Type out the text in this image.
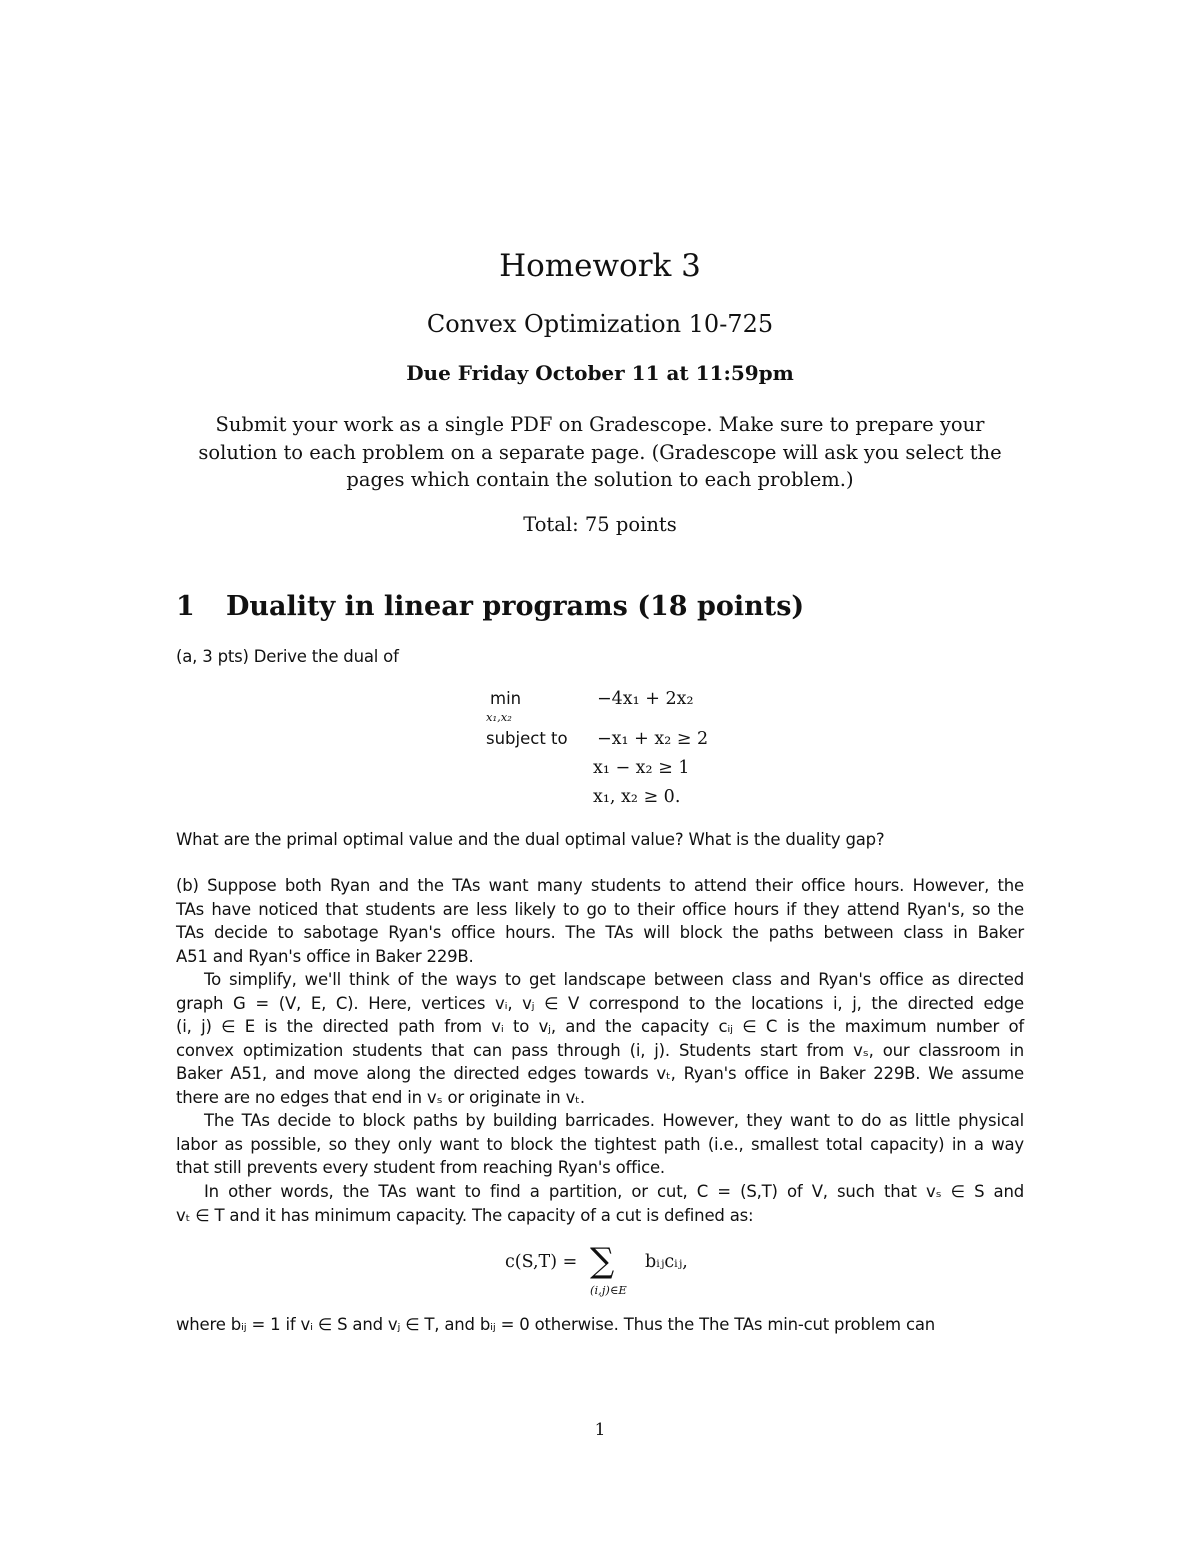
Homework 3
Convex Optimization 10-725
Due Friday October 11 at 11:59pm
Submit your work as a single PDF on Gradescope. Make sure to prepare your
solution to each problem on a separate page. (Gradescope will ask you select the
pages which contain the solution to each problem.)
Total: 75 points
1 Duality in linear programs (18 points)
(a, 3 pts) Derive the dual of
min
x₁,x₂
−4x₁ + 2x₂
subject to −x₁ + x₂ ≥ 2
x₁ − x₂ ≥ 1
x₁, x₂ ≥ 0.
What are the primal optimal value and the dual optimal value? What is the duality gap?
(b) Suppose both Ryan and the TAs want many students to attend their office hours. However, the
TAs have noticed that students are less likely to go to their office hours if they attend Ryan's, so the
TAs decide to sabotage Ryan's office hours. The TAs will block the paths between class in Baker
A51 and Ryan's office in Baker 229B.
To simplify, we'll think of the ways to get landscape between class and Ryan's office as directed
graph G = (V, E, C). Here, vertices vᵢ, vⱼ ∈ V correspond to the locations i, j, the directed edge
(i, j) ∈ E is the directed path from vᵢ to vⱼ, and the capacity cᵢⱼ ∈ C is the maximum number of
convex optimization students that can pass through (i, j). Students start from vₛ, our classroom in
Baker A51, and move along the directed edges towards vₜ, Ryan's office in Baker 229B. We assume
there are no edges that end in vₛ or originate in vₜ.
The TAs decide to block paths by building barricades. However, they want to do as little physical
labor as possible, so they only want to block the tightest path (i.e., smallest total capacity) in a way
that still prevents every student from reaching Ryan's office.
In other words, the TAs want to find a partition, or cut, C = (S,T) of V, such that vₛ ∈ S and
vₜ ∈ T and it has minimum capacity. The capacity of a cut is defined as:
c(S,T) = ∑
(i,j)∈E
bᵢⱼcᵢⱼ,
where bᵢⱼ = 1 if vᵢ ∈ S and vⱼ ∈ T, and bᵢⱼ = 0 otherwise. Thus the The TAs min-cut problem can
1
